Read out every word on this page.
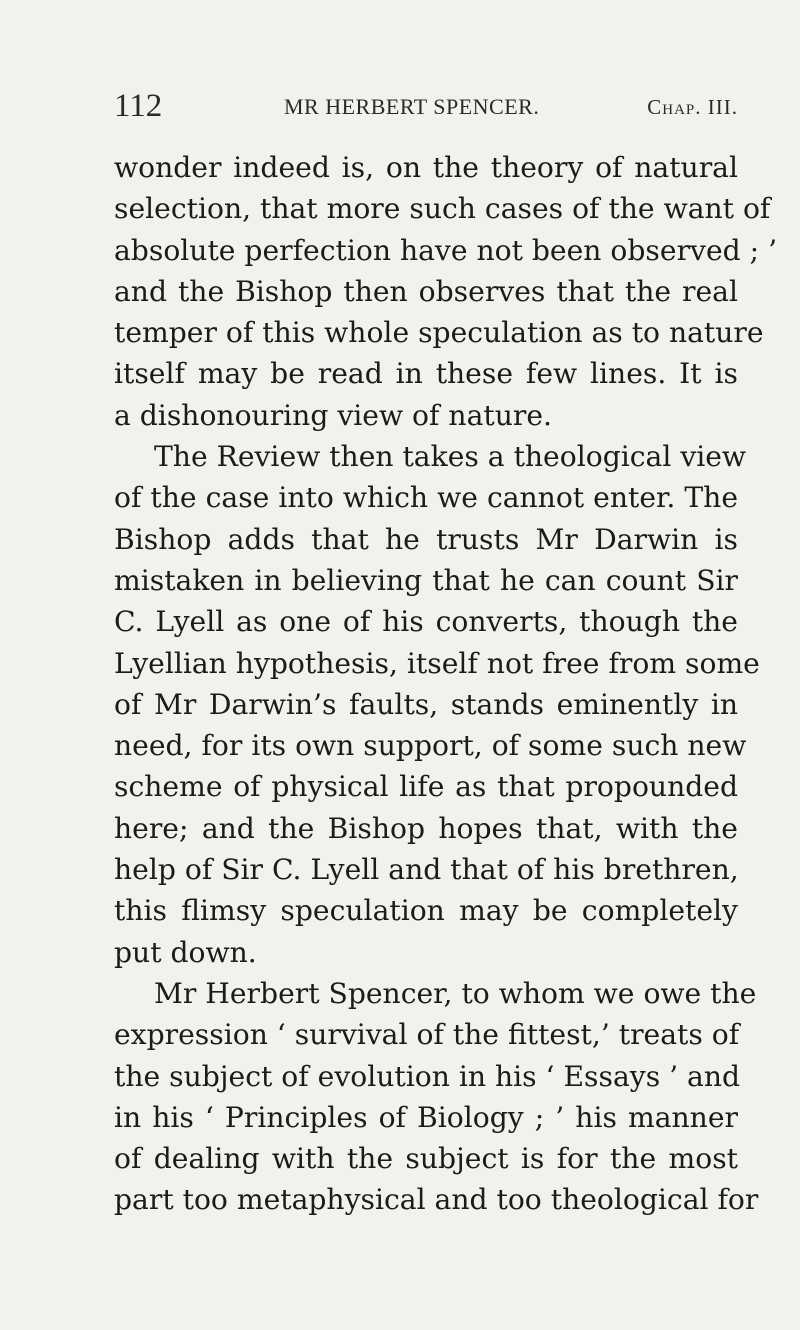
112	MR HERBERT SPENCER.	Chap. III.
wonder indeed is, on the theory of natural
selection, that more such cases of the want of
absolute perfection have not been observed ; ’
and the Bishop then observes that the real
temper of this whole speculation as to nature
itself may be read in these few lines. It is
a dishonouring view of nature.
The Review then takes a theological view
of the case into which we cannot enter. The
Bishop adds that he trusts Mr Darwin is
mistaken in believing that he can count Sir
C. Lyell as one of his converts, though the
Lyellian hypothesis, itself not free from some
of Mr Darwin’s faults, stands eminently in
need, for its own support, of some such new
scheme of physical life as that propounded
here; and the Bishop hopes that, with the
help of Sir C. Lyell and that of his brethren,
this flimsy speculation may be completely
put down.
Mr Herbert Spencer, to whom we owe the
expression ‘ survival of the fittest,’ treats of
the subject of evolution in his ‘ Essays ’ and
in his ‘ Principles of Biology ; ’ his manner
of dealing with the subject is for the most
part too metaphysical and too theological for
